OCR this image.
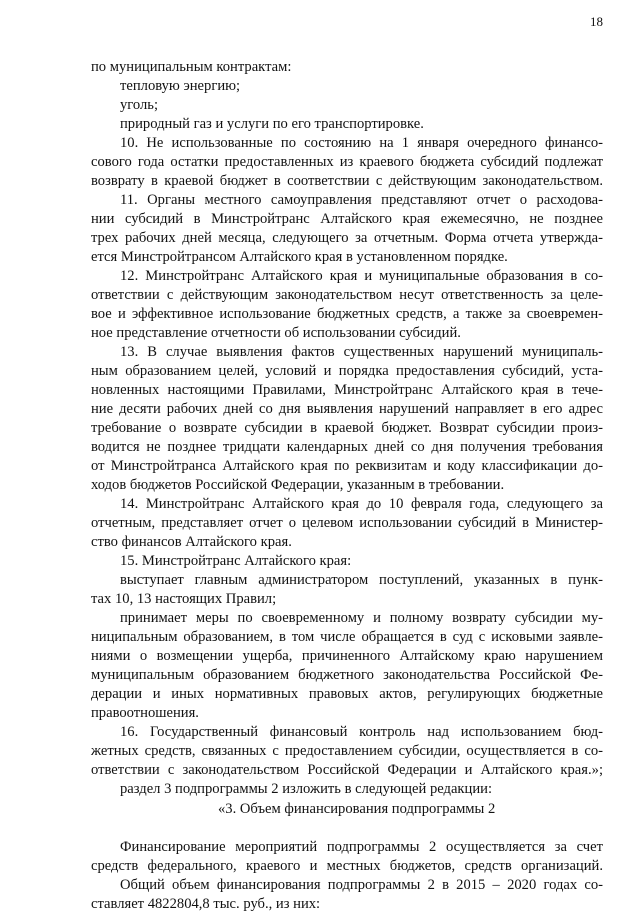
18
по муниципальным контрактам:
тепловую энергию;
уголь;
природный газ и услуги по его транспортировке.
10. Не использованные по состоянию на 1 января очередного финансо-
сового года остатки предоставленных из краевого бюджета субсидий подлежат
возврату в краевой бюджет в соответствии с действующим законодательством.
11. Органы местного самоуправления представляют отчет о расходова-
нии субсидий в Минстройтранс Алтайского края ежемесячно, не позднее
трех рабочих дней месяца, следующего за отчетным. Форма отчета утвержда-
ется Минстройтрансом Алтайского края в установленном порядке.
12. Минстройтранс Алтайского края и муниципальные образования в со-
ответствии с действующим законодательством несут ответственность за целе-
вое и эффективное использование бюджетных средств, а также за своевремен-
ное представление отчетности об использовании субсидий.
13. В случае выявления фактов существенных нарушений муниципаль-
ным образованием целей, условий и порядка предоставления субсидий, уста-
новленных настоящими Правилами, Минстройтранс Алтайского края в тече-
ние десяти рабочих дней со дня выявления нарушений направляет в его адрес
требование о возврате субсидии в краевой бюджет. Возврат субсидии произ-
водится не позднее тридцати календарных дней со дня получения требования
от Минстройтранса Алтайского края по реквизитам и коду классификации до-
ходов бюджетов Российской Федерации, указанным в требовании.
14. Минстройтранс Алтайского края до 10 февраля года, следующего за
отчетным, представляет отчет о целевом использовании субсидий в Министер-
ство финансов Алтайского края.
15. Минстройтранс Алтайского края:
выступает главным администратором поступлений, указанных в пунк-
тах 10, 13 настоящих Правил;
принимает меры по своевременному и полному возврату субсидии му-
ниципальным образованием, в том числе обращается в суд с исковыми заявле-
ниями о возмещении ущерба, причиненного Алтайскому краю нарушением
муниципальным образованием бюджетного законодательства Российской Фе-
дерации и иных нормативных правовых актов, регулирующих бюджетные
правоотношения.
16. Государственный финансовый контроль над использованием бюд-
жетных средств, связанных с предоставлением субсидии, осуществляется в со-
ответствии с законодательством Российской Федерации и Алтайского края.»;
раздел 3 подпрограммы 2 изложить в следующей редакции:
«3. Объем финансирования подпрограммы 2
Финансирование мероприятий подпрограммы 2 осуществляется за счет
средств федерального, краевого и местных бюджетов, средств организаций.
Общий объем финансирования подпрограммы 2 в 2015 – 2020 годах со-
ставляет 4822804,8 тыс. руб., из них:
